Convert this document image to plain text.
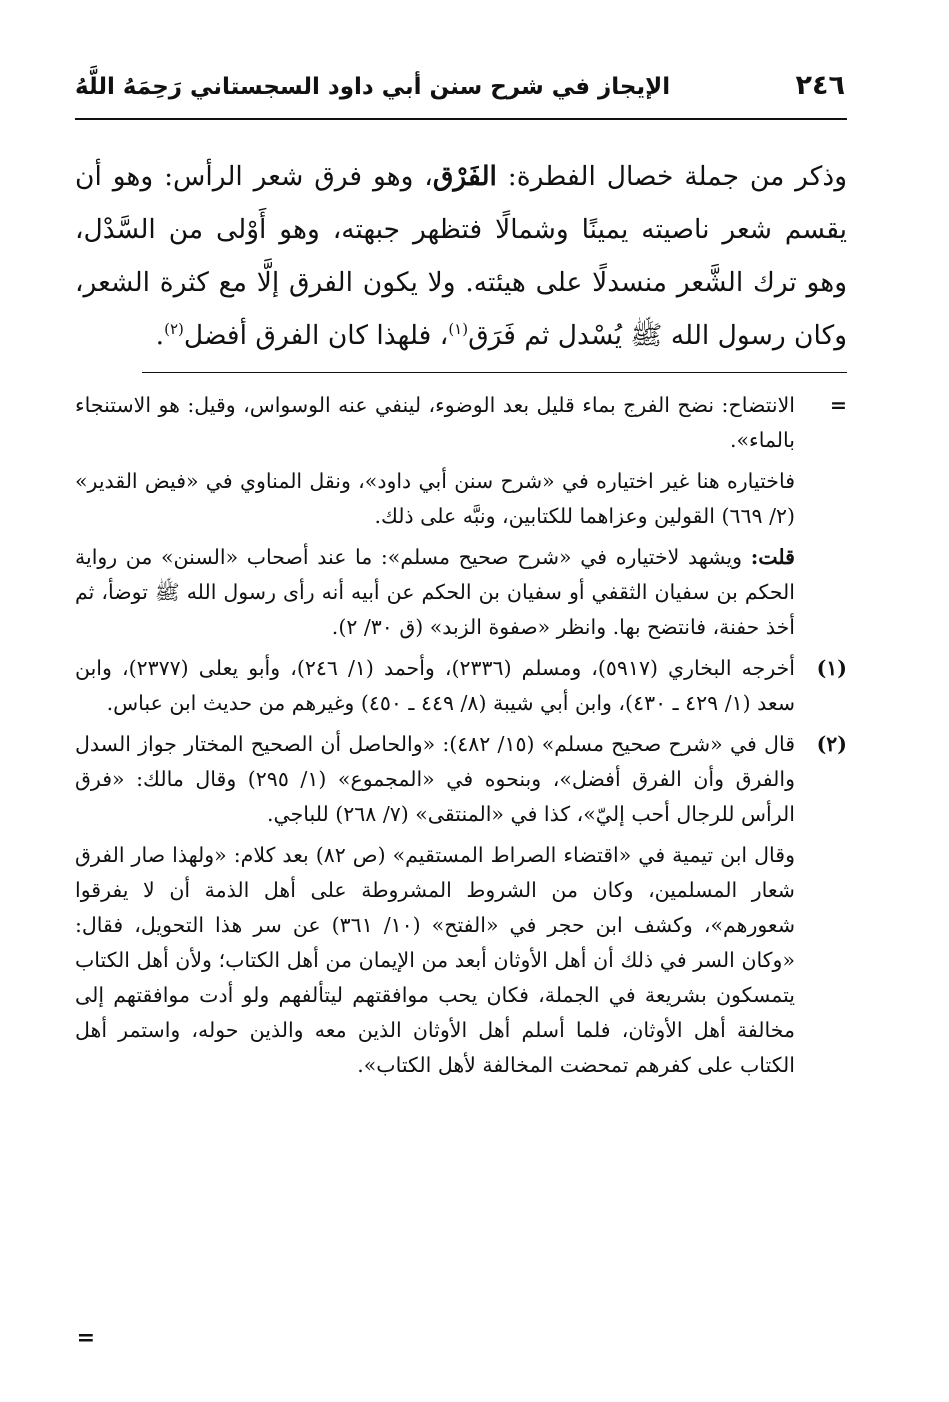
٢٤٦
الإيجاز في شرح سنن أبي داود السجستاني رَحِمَهُ اللَّهُ

وذكر من جملة خصال الفطرة: الفَرْق، وهو فرق شعر الرأس: وهو أن يقسم شعر ناصيته يمينًا وشمالًا فتظهر جبهته، وهو أَوْلى من السَّدْل، وهو ترك الشَّعر منسدلًا على هيئته. ولا يكون الفرق إلَّا مع كثرة الشعر، وكان رسول الله ﷺ يُسْدل ثم فَرَق$^{(١)}$، فلهذا كان الفرق أفضل$^{(٢)}$.

=
الانتضاح: نضح الفرج بماء قليل بعد الوضوء، لينفي عنه الوسواس، وقيل: هو الاستنجاء بالماء».
فاختياره هنا غير اختياره في «شرح سنن أبي داود»، ونقل المناوي في «فيض القدير» (٢/ ٦٦٩) القولين وعزاهما للكتابين، ونبَّه على ذلك.
قلت: ويشهد لاختياره في «شرح صحيح مسلم»: ما عند أصحاب «السنن» من رواية الحكم بن سفيان الثقفي أو سفيان بن الحكم عن أبيه أنه رأى رسول الله ﷺ توضأ، ثم أخذ حفنة، فانتضح بها. وانظر «صفوة الزبد» (ق ٣٠/ ٢).
(١)
أخرجه البخاري (٥٩١٧)، ومسلم (٢٣٣٦)، وأحمد (١/ ٢٤٦)، وأبو يعلى (٢٣٧٧)، وابن سعد (١/ ٤٢٩ ـ ٤٣٠)، وابن أبي شيبة (٨/ ٤٤٩ ـ ٤٥٠) وغيرهم من حديث ابن عباس.
(٢)
قال في «شرح صحيح مسلم» (١٥/ ٤٨٢): «والحاصل أن الصحيح المختار جواز السدل والفرق وأن الفرق أفضل»، وبنحوه في «المجموع» (١/ ٢٩٥) وقال مالك: «فرق الرأس للرجال أحب إليّ»، كذا في «المنتقى» (٧/ ٢٦٨) للباجي.
وقال ابن تيمية في «اقتضاء الصراط المستقيم» (ص ٨٢) بعد كلام: «ولهذا صار الفرق شعار المسلمين، وكان من الشروط المشروطة على أهل الذمة أن لا يفرقوا شعورهم»، وكشف ابن حجر في «الفتح» (١٠/ ٣٦١) عن سر هذا التحويل، فقال: «وكان السر في ذلك أن أهل الأوثان أبعد من الإيمان من أهل الكتاب؛ ولأن أهل الكتاب يتمسكون بشريعة في الجملة، فكان يحب موافقتهم ليتألفهم ولو أدت موافقتهم إلى مخالفة أهل الأوثان، فلما أسلم أهل الأوثان الذين معه والذين حوله، واستمر أهل الكتاب على كفرهم تمحضت المخالفة لأهل الكتاب».
=
